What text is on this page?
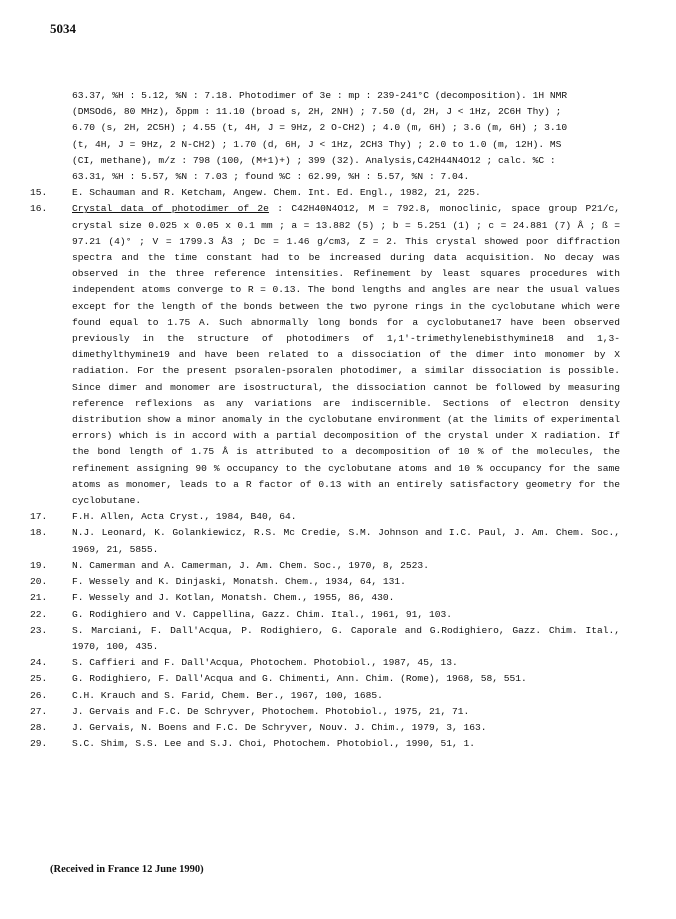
5034

63.37, %H : 5.12, %N : 7.18. Photodimer of 3e : mp : 239-241°C (decomposition). 1H NMR

(DMSOd6, 80 MHz), δppm : 11.10 (broad s, 2H, 2NH) ; 7.50 (d, 2H, J < 1Hz, 2C6H Thy) ;

6.70 (s, 2H, 2C5H) ; 4.55 (t, 4H, J = 9Hz, 2 O-CH2) ; 4.0 (m, 6H) ; 3.6 (m, 6H) ; 3.10

(t, 4H, J = 9Hz, 2 N-CH2) ; 1.70 (d, 6H, J < 1Hz, 2CH3 Thy) ; 2.0 to 1.0 (m, 12H). MS

(CI, methane), m/z : 798 (100, (M+1)+) ; 399 (32). Analysis,C42H44N4O12 ; calc. %C :

63.31, %H : 5.57, %N : 7.03 ; found %C : 62.99, %H : 5.57, %N : 7.04.

15.	E. Schauman and R. Ketcham, Angew. Chem. Int. Ed. Engl., 1982, 21, 225.
16.	Crystal data of photodimer of 2e : C42H40N4O12, M = 792.8, monoclinic, space group P21/c, crystal size 0.025 x 0.05 x 0.1 mm ; a = 13.882 (5) ; b = 5.251 (1) ; c = 24.881 (7) Å ; ß = 97.21 (4)° ; V = 1799.3 Å3 ; Dc = 1.46 g/cm3, Z = 2. This crystal showed poor diffraction spectra and the time constant had to be increased during data acquisition. No decay was observed in the three reference intensities. Refinement by least squares procedures with independent atoms converge to R = 0.13. The bond lengths and angles are near the usual values except for the length of the bonds between the two pyrone rings in the cyclobutane which were found equal to 1.75 A. Such abnormally long bonds for a cyclobutane17 have been observed previously in the structure of photodimers of 1,1'-trimethylenebisthymine18 and 1,3-dimethylthymine19 and have been related to a dissociation of the dimer into monomer by X radiation. For the present psoralen-psoralen photodimer, a similar dissociation is possible. Since dimer and monomer are isostructural, the dissociation cannot be followed by measuring reference reflexions as any variations are indiscernible. Sections of electron density distribution show a minor anomaly in the cyclobutane environment (at the limits of experimental errors) which is in accord with a partial decomposition of the crystal under X radiation. If the bond length of 1.75 Å is attributed to a decomposition of 10 % of the molecules, the refinement assigning 90 % occupancy to the cyclobutane atoms and 10 % occupancy for the same atoms as monomer, leads to a R factor of 0.13 with an entirely satisfactory geometry for the cyclobutane.
17.	F.H. Allen, Acta Cryst., 1984, B40, 64.
18.	N.J. Leonard, K. Golankiewicz, R.S. Mc Credie, S.M. Johnson and I.C. Paul, J. Am. Chem. Soc., 1969, 21, 5855.
19.	N. Camerman and A. Camerman, J. Am. Chem. Soc., 1970, 8, 2523.
20.	F. Wessely and K. Dinjaski, Monatsh. Chem., 1934, 64, 131.
21.	F. Wessely and J. Kotlan, Monatsh. Chem., 1955, 86, 430.
22.	G. Rodighiero and V. Cappellina, Gazz. Chim. Ital., 1961, 91, 103.
23.	S. Marciani, F. Dall'Acqua, P. Rodighiero, G. Caporale and G.Rodighiero, Gazz. Chim. Ital., 1970, 100, 435.
24.	S. Caffieri and F. Dall'Acqua, Photochem. Photobiol., 1987, 45, 13.
25.	G. Rodighiero, F. Dall'Acqua and G. Chimenti, Ann. Chim. (Rome), 1968, 58, 551.
26.	C.H. Krauch and S. Farid, Chem. Ber., 1967, 100, 1685.
27.	J. Gervais and F.C. De Schryver, Photochem. Photobiol., 1975, 21, 71.
28.	J. Gervais, N. Boens and F.C. De Schryver, Nouv. J. Chim., 1979, 3, 163.
29.	S.C. Shim, S.S. Lee and S.J. Choi, Photochem. Photobiol., 1990, 51, 1.
(Received in France 12 June 1990)
